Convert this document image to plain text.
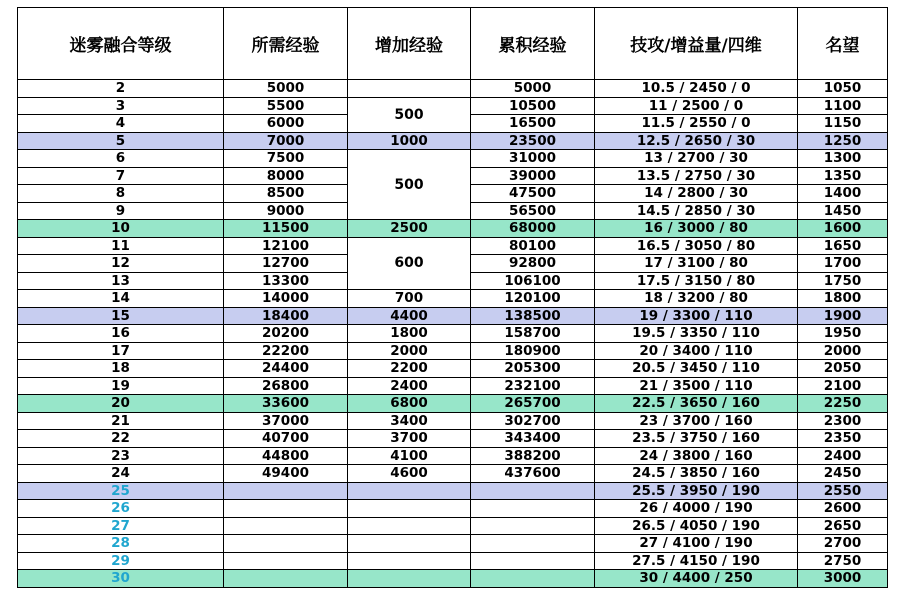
迷雾融合等级	所需经验	增加经验	累积经验	技攻/增益量/四维	名望
2	5000		5000	10.5 / 2450 / 0	1050
3	5500	500	10500	11 / 2500 / 0	1100
4	6000		16500	11.5 / 2550 / 0	1150
5	7000	1000	23500	12.5 / 2650 / 30	1250
6	7500	500	31000	13 / 2700 / 30	1300
7	8000		39000	13.5 / 2750 / 30	1350
8	8500		47500	14 / 2800 / 30	1400
9	9000		56500	14.5 / 2850 / 30	1450
10	11500	2500	68000	16 / 3000 / 80	1600
11	12100	600	80100	16.5 / 3050 / 80	1650
12	12700		92800	17 / 3100 / 80	1700
13	13300		106100	17.5 / 3150 / 80	1750
14	14000	700	120100	18 / 3200 / 80	1800
15	18400	4400	138500	19 / 3300 / 110	1900
16	20200	1800	158700	19.5 / 3350 / 110	1950
17	22200	2000	180900	20 / 3400 / 110	2000
18	24400	2200	205300	20.5 / 3450 / 110	2050
19	26800	2400	232100	21 / 3500 / 110	2100
20	33600	6800	265700	22.5 / 3650 / 160	2250
21	37000	3400	302700	23 / 3700 / 160	2300
22	40700	3700	343400	23.5 / 3750 / 160	2350
23	44800	4100	388200	24 / 3800 / 160	2400
24	49400	4600	437600	24.5 / 3850 / 160	2450
25				25.5 / 3950 / 190	2550
26				26 / 4000 / 190	2600
27				26.5 / 4050 / 190	2650
28				27 / 4100 / 190	2700
29				27.5 / 4150 / 190	2750
30				30 / 4400 / 250	3000
